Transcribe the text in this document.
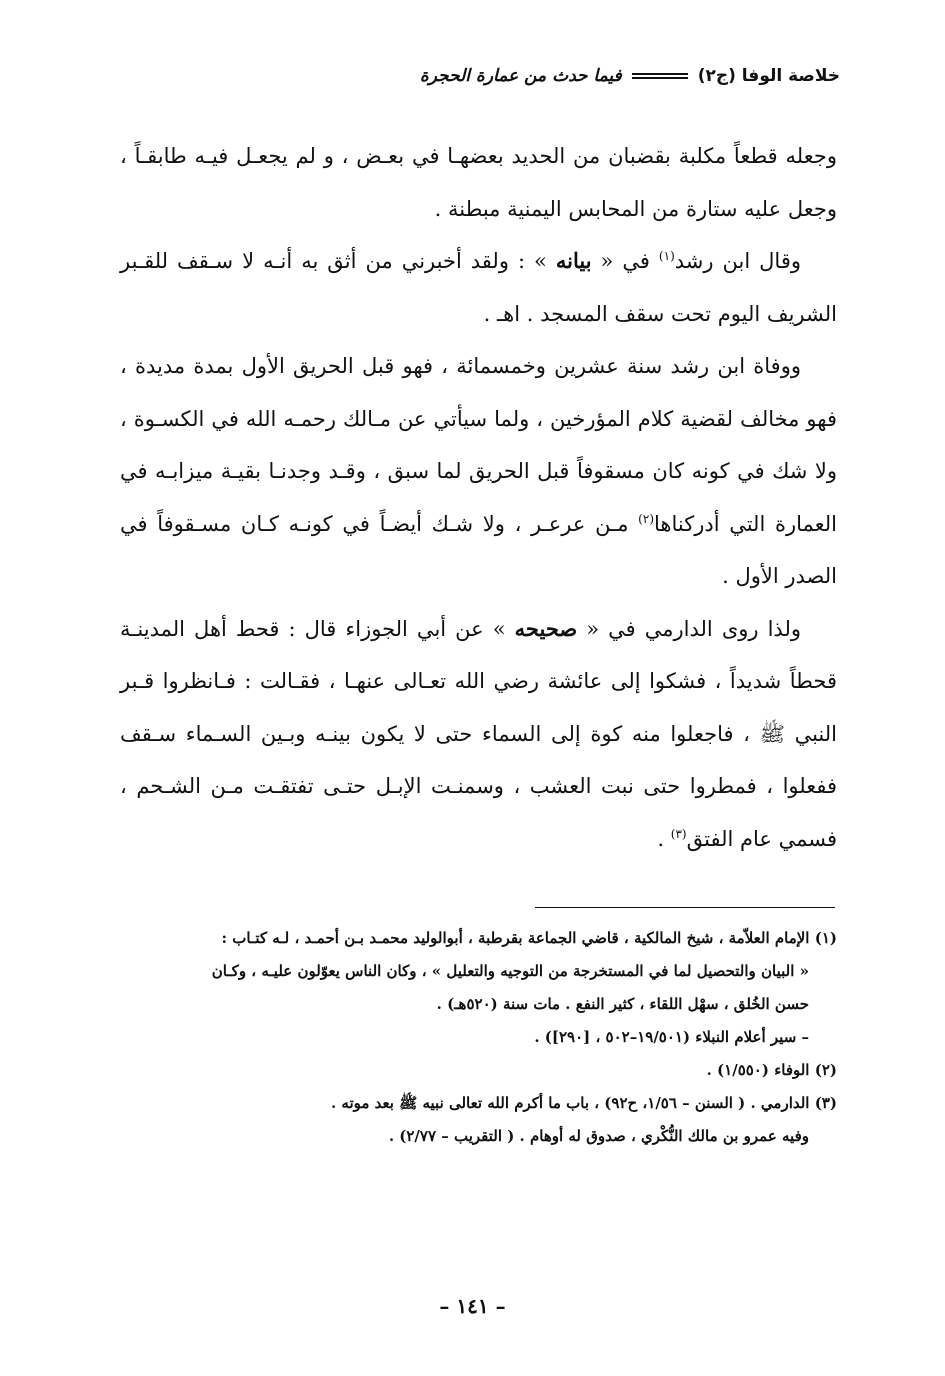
خلاصة الوفا (ج٢)
فيما حدث من عمارة الحجرة

وجعله قطعاً مكلبة بقضبان من الحديد بعضهـا في بعـض ، و لم يجعـل فيـه طابقـاً ، وجعل عليه ستارة من المحابس اليمنية مبطنة .

وقال ابن رشد$^{(١)}$ في « بيانه » : ولقد أخبرني من أثق به أنـه لا سـقف للقـبر الشريف اليوم تحت سقف المسجد . اهـ .

ووفاة ابن رشد سنة عشرين وخمسمائة ، فهو قبل الحريق الأول بمدة مديدة ، فهو مخالف لقضية كلام المؤرخين ، ولما سيأتي عن مـالك رحمـه الله في الكسـوة ، ولا شك في كونه كان مسقوفاً قبل الحريق لما سبق ، وقـد وجدنـا بقيـة ميزابـه في العمارة التي أدركناها$^{(٢)}$ مـن عرعـر ، ولا شـك أيضـاً في كونـه كـان مسـقوفاً في الصدر الأول .

ولذا روى الدارمي في « صحيحه » عن أبي الجوزاء قال : قحط أهل المدينـة قحطاً شديداً ، فشكوا إلى عائشة رضي الله تعـالى عنهـا ، فقـالت : فـانظروا قـبر النبي ﷺ ، فاجعلوا منه كوة إلى السماء حتى لا يكون بينـه وبـين السـماء سـقف ففعلوا ، فمطروا حتى نبت العشب ، وسمنـت الإبـل حتـى تفتقـت مـن الشـحم ، فسمي عام الفتق$^{(٣)}$ .

(١) الإمام العلاّمة ، شيخ المالكية ، قاضي الجماعة بقرطبة ، أبوالوليد محمـد بـن أحمـد ، لـه كتـاب :

« البيان والتحصيل لما في المستخرجة من التوجيه والتعليل » ، وكان الناس يعوّلون عليـه ، وكـان

حسن الخُلق ، سهْل اللقاء ، كثير النفع . مات سنة (٥٢٠هـ) .

– سير أعلام النبلاء (١٩/٥٠١–٥٠٢ ، [٢٩٠]) .

(٢) الوفاء (١/٥٥٠) .

(٣) الدارمي . ( السنن – ١/٥٦، ح٩٢) ، باب ما أكرم الله تعالى نبيه ﷺ بعد موته .

وفيه عمرو بن مالك النُّكْري ، صدوق له أوهام . ( التقريب – ٢/٧٧) .

– ١٤١ –
